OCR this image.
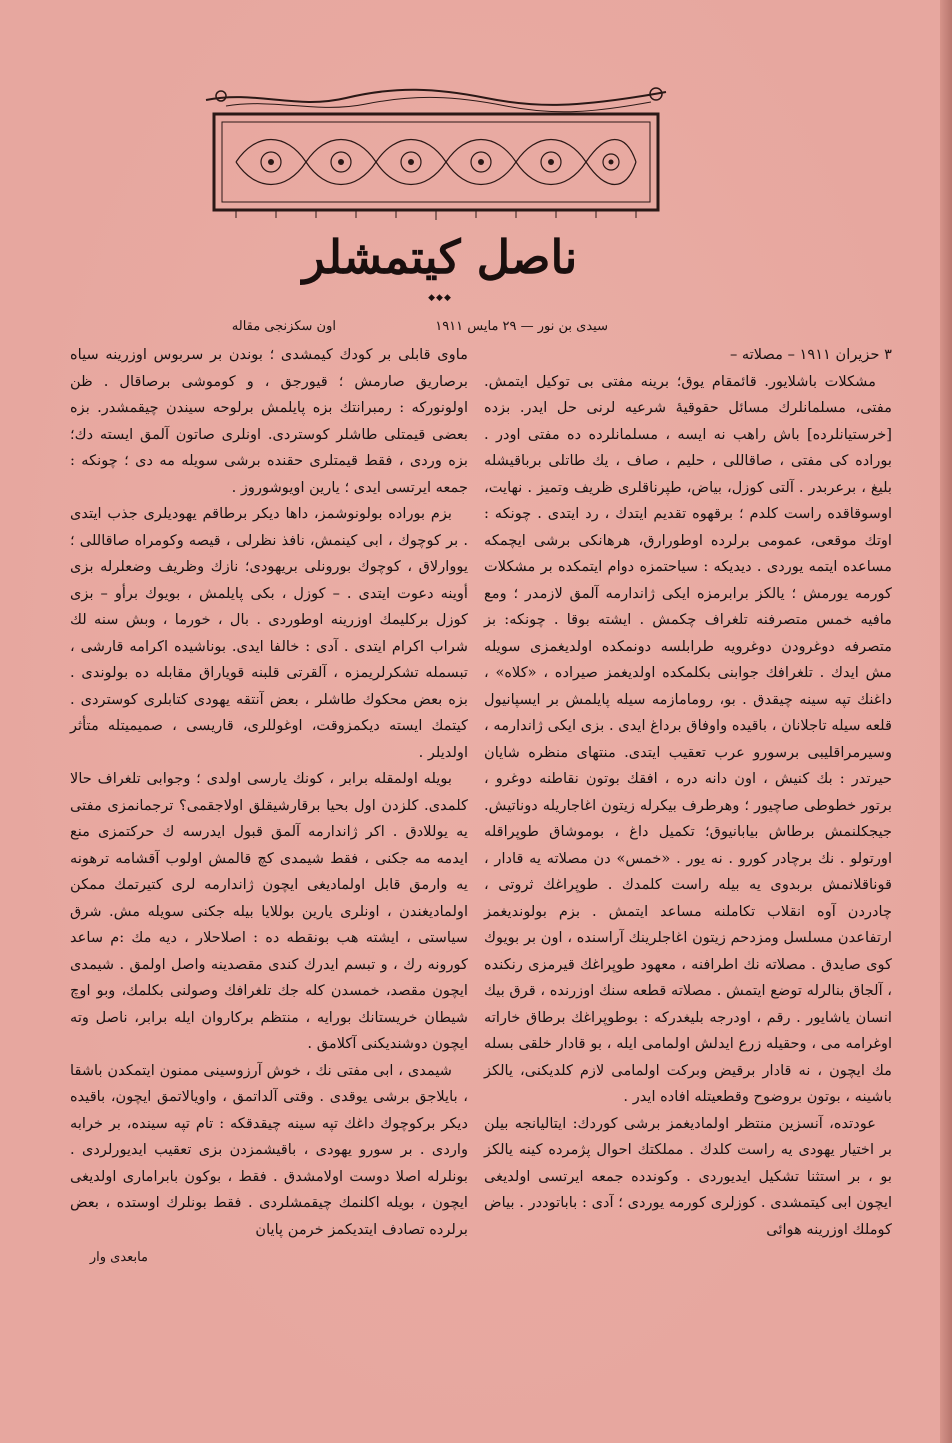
ناصل كيتمشلر
◆◆◆
سيدى بن نور — ٢٩ مايس ١٩١١
اون سكزنجى مقاله

٣ حزيران ١٩١١ – مصلاته –

مشكلات باشلايور. قائمقام يوق؛ برینه مفتی بی توكيل ایتمش. مفتی، مسلمانلرك مسائل حقوقیهٔ شرعیه لرنی حل ایدر. بزده [خرستيانلرده] باش راهب نه ايسه ، مسلمانلرده ده مفتى اودر . بوراده كى مفتى ، صاقاللى ، حليم ، صاف ، يك طاتلى برباقيشله بليغ ، برعربدر . آلتى كوزل، بياض، طپرناقلرى ظريف وتميز . نهايت، اوسوقاقده راست كلدم ؛ برقهوه تقديم ايتدك ، رد ايتدى . چونكه : اوتك موقعى، عمومى برلرده اوطورارق، هرهانكى برشى ايچمكه مساعده ایتمه یوردى . ديديكه : سياحتمزه دوام ايتمكده بر مشكلات كورمه يورمش ؛ يالكز برابرمزه ايكى ژاندارمه آلمق لازمدر ؛ ومع مافيه خمس متصرفنه تلغراف چكمش . ايشته بوقا . چونكه: بز متصرفه دوغرودن دوغرويه طرابلسه دونمكده اولديغمزى سويله مش ايدك . تلغرافك جوابنى بكلمكده اولديغمز صيراده ، «كلاه» ، داغنك تپه سينه چيقدق . بو، رومامازمه سيله پايلمش بر ايسپانيول قلعه سيله تاجلانان ، باقيده واوفاق برداغ ايدى . بزى ايكى ژاندارمه ، وسيرمراقليبى برسورو عرب تعقيب ايتدى. منتهاى منظره شايان حيرتدر : بك كنيش ، اون دانه دره ، افقك بوتون نقاطنه دوغرو ، برتور خطوطى صاچيور ؛ وهرطرف بيكرله زيتون اغاجاريله دوناتيش. جيجكلنمش برطاش بيابانيوق؛ تكميل داغ ، بوموشاق طوپراقله اورتولو . نك برچادر كورو . نه يور . «خمس» دن مصلاته يه قادار ، قوناقلانمش بربدوى يه بيله راست كلمدك . طوپراغك ثروتى ، چادردن آوه انقلاب تكاملنه مساعد ايتمش . بزم بولونديغمز ارتفاعدن مسلسل ومزدحم زيتون اغاجلرينك آراسنده ، اون بر بويوك كوى صايدق . مصلاته نك اطرافنه ، معهود طوپراغك قيرمزى رنكنده ، آلجاق بنالرله توضع ايتمش . مصلاته قطعه سنك اوزرنده ، قرق بيك انسان ياشايور . رقم ، اودرجه بليغدركه : بوطوپراغك برطاق خاراته اوغرامه مى ، وحقيله زرع ايدلش اولمامى ايله ، بو قادار خلقى بسله مك ايچون ، نه قادار برقيض وبركت اولمامى لازم كلديكنى، يالكز باشينه ، بوتون بروضوح وقطعيتله افاده ايدر .

عودتده، آنسزين منتظر اولماديغمز برشى كوردك: ايتاليانجه بيلن بر اختيار يهودى يه راست كلدك . مملكتك احوال پژمرده كينه يالكز بو ، بر استثنا تشكيل ايديوردى . وكوندده جمعه ايرتسى اولديغى ايچون ابى كيتمشدى . كوزلرى كورمه يوردى ؛ آدى : باباتوددر . بياض كوملك اوزرينه هوائى

ماوى قابلى بر كودك كيمشدى ؛ بوندن بر سربوس اوزرينه سياه برصاريق صارمش ؛ قيورجق ، و كوموشى برصاقال . ظن اولونوركه : رمبرانتك بزه پايلمش برلوحه سيندن چيقمشدر. بزه بعضى قيمتلى طاشلر كوستردى. اونلرى صاتون آلمق ايسته دك؛ بزه وردى ، فقط قيمتلرى حقنده برشى سويله مه دى ؛ چونكه : جمعه ايرتسى ايدى ؛ يارين اويوشوروز .

بزم بوراده بولونوشمز، داها ديكر برطاقم يهوديلرى جذب ايتدى . بر كوچوك ، ابى كينمش، نافذ نظرلى ، قيصه وكومراه صاقاللى ؛ يووارلاق ، كوچوك بورونلى بريهودى؛ نازك وظريف وضعلرله بزى أوينه دعوت ايتدى . – كوزل ، بكى پايلمش ، بويوك برأو – بزى كوزل بركليمك اوزرينه اوطوردى . بال ، خورما ، وبش سنه لك شراب اكرام ايتدى . آدى : خالفا ايدى. بوناشيده اكرامه قارشى ، تبسمله تشكرلريمزه ، آلقرتى قلبنه قوياراق مقابله ده بولوندى . بزه بعض محكوك طاشلر ، بعض آنتقه يهودى كتابلرى كوستردى . كيتمك ايسته ديكمزوقت، اوغوللرى، قاريسى ، صميميتله متأثر اولديلر .

بويله اولمقله برابر ، كونك يارسى اولدى ؛ وجوابى تلغراف حالا كلمدى. كلزدن اول بحيا برقارشيقلق اولاجقمى؟ ترجمانمزى مفتى يه يوللادق . اكر ژاندارمه آلمق قبول ايدرسه ك حركتمزى منع ايدمه مه جكنى ، فقط شيمدى كچ قالمش اولوب آقشامه ترهونه يه وارمق قابل اولماديغى ايچون ژاندارمه لرى كتيرتمك ممكن اولماديغندن ، اونلرى يارين بوللايا بيله جكنى سويله مش. شرق سياستى ، ايشته هب بونقطه ده : اصلاحلار ، ديه مك :م ساعد كورونه رك ، و تبسم ايدرك كندى مقصدينه واصل اولمق . شيمدى ايچون مقصد، خمسدن كله جك تلغرافك وصولنى بكلمك، وبو اوچ شيطان خريستانك بورايه ، منتظم بركاروان ايله برابر، ناصل وته ايچون دوشنديكنى آكلامق .

شيمدى ، ابى مفتى نك ، خوش آرزوسينى ممنون ايتمكدن باشقا ، بايلاجق برشى يوقدى . وقتى آلداتمق ، واويالاتمق ايچون، باقيده ديكر بركوچوك داغك تپه سينه چيقدقكه : تام تپه سينده، بر خرابه واردى . بر سورو يهودى ، باقيشمزدن بزى تعقيب ايديورلردى . بونلرله اصلا دوست اولامشدق . فقط ، بوكون بابرامارى اولديغى ايچون ، بويله اكلنمك چيقمشلردى . فقط بونلرك اوستده ، بعض برلرده تصادف ايتديكمز خرمن پايان

مابعدى وار
